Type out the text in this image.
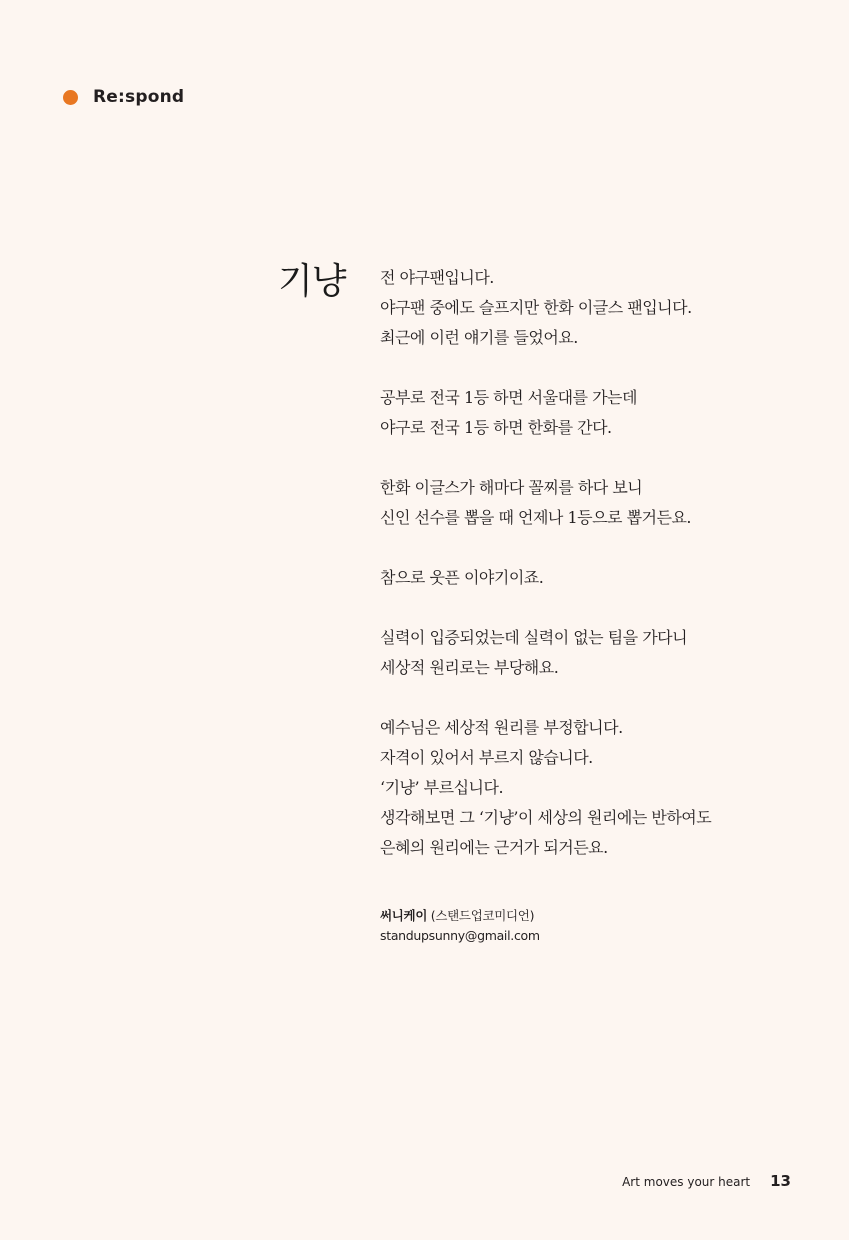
Re:spond
기냥 전 야구팬입니다.
야구팬 중에도 슬프지만 한화 이글스 팬입니다.
최근에 이런 얘기를 들었어요.

공부로 전국 1등 하면 서울대를 가는데
야구로 전국 1등 하면 한화를 간다.

한화 이글스가 해마다 꼴찌를 하다 보니
신인 선수를 뽑을 때 언제나 1등으로 뽑거든요.

참으로 웃픈 이야기이죠.

실력이 입증되었는데 실력이 없는 팀을 가다니
세상적 원리로는 부당해요.

예수님은 세상적 원리를 부정합니다.
자격이 있어서 부르지 않습니다.
‘기냥’ 부르십니다.
생각해보면 그 ‘기냥’이 세상의 원리에는 반하여도
은혜의 원리에는 근거가 되거든요.

써니케이 (스탠드업코미디언)
standupsunny@gmail.com
Art moves your heart 13
